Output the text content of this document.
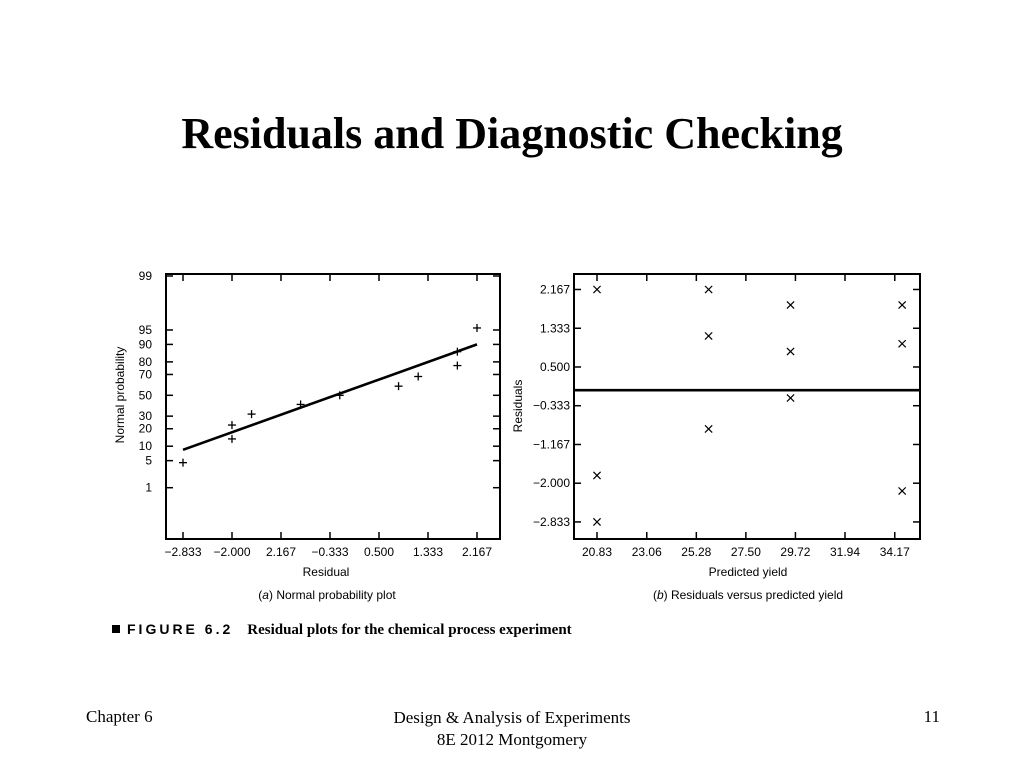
Residuals and Diagnostic Checking
1
5
10
20
30
50
70
80
90
95
99
−2.833 −2.000 2.167 −0.333 0.500 1.333 2.167
Residual
Normal probability
(a) Normal probability plot
2.167
1.333
0.500
−0.333
−1.167
−2.000
−2.833
20.83 23.06 25.28 27.50 29.72 31.94 34.17
Predicted yield
Residuals
(b) Residuals versus predicted yield
FIGURE 6.2 Residual plots for the chemical process experiment
Chapter 6	Design & Analysis of Experiments
8E 2012 Montgomery
11
